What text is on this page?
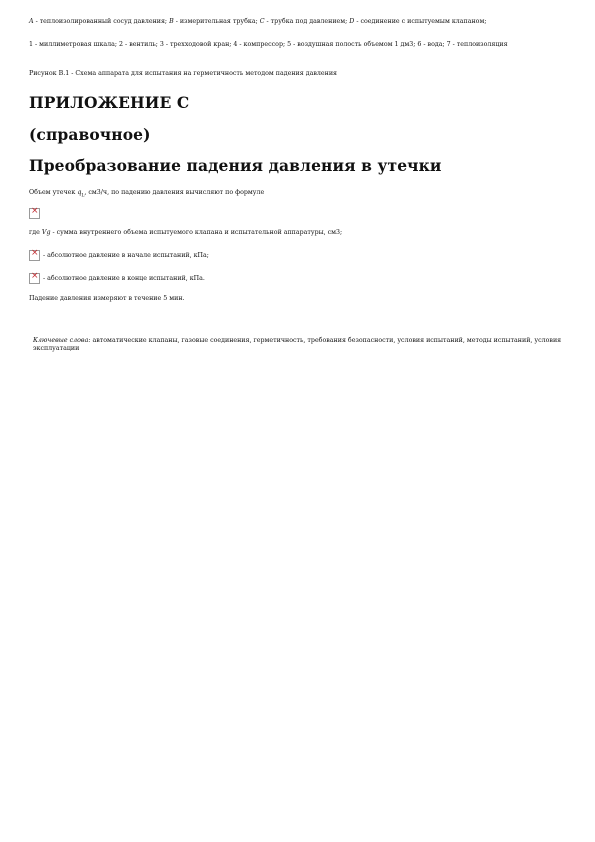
A - теплоизолированный сосуд давления; B - измерительная трубка; C - трубка под давлением; D - соединение с испытуемым клапаном;

1 - миллиметровая шкала; 2 - вентиль; 3 - трехходовой кран; 4 - компрессор; 5 - воздушная полость объемом 1 дм3; 6 - вода; 7 - теплоизоляция

Рисунок В.1 - Схема аппарата для испытания на герметичность методом падения давления

ПРИЛОЖЕНИЕ С
(справочное)
Преобразование падения давления в утечки

Объем утечек $q_L$, см3/ч, по падению давления вычисляют по формуле

×

где Vg - сумма внутреннего объема испытуемого клапана и испытательной аппаратуры, см3;

×
- абсолютное давление в начале испытаний, кПа;
×
- абсолютное давление в конце испытаний, кПа.

Падение давления измеряют в течение 5 мин.

Ключевые слова: автоматические клапаны, газовые соединения, герметичность, требования безопасности, условия испытаний, методы испытаний, условия эксплуатации
